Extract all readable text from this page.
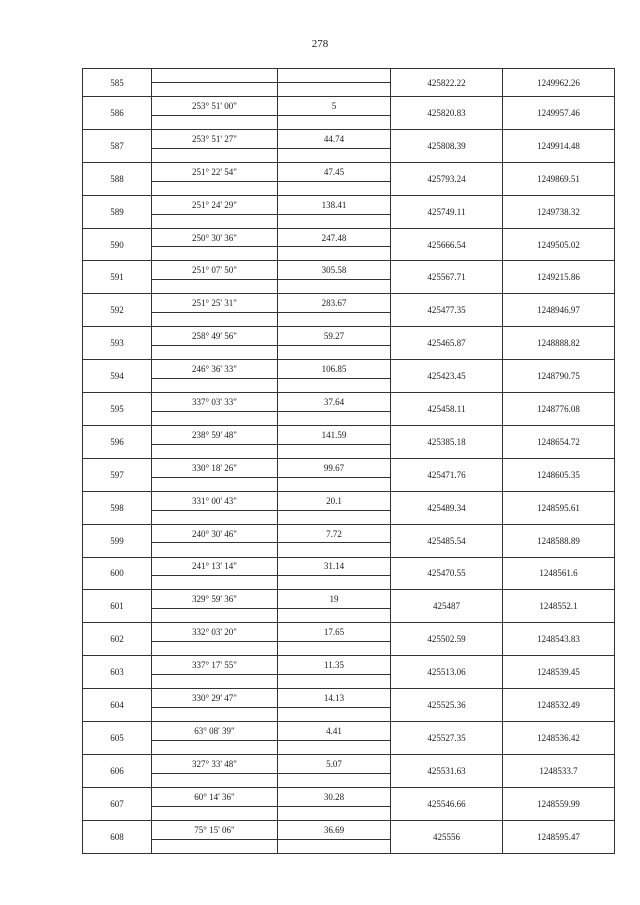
278
585			425822.22	1249962.26

586	253° 51' 00"	5	425820.83	1249957.46

587	253° 51' 27"	44.74	425808.39	1249914.48

588	251° 22' 54"	47.45	425793.24	1249869.51

589	251° 24' 29"	138.41	425749.11	1249738.32

590	250° 30' 36"	247.48	425666.54	1249505.02

591	251° 07' 50"	305.58	425567.71	1249215.86

592	251° 25' 31"	283.67	425477.35	1248946.97

593	258° 49' 56"	59.27	425465.87	1248888.82

594	246° 36' 33"	106.85	425423.45	1248790.75

595	337° 03' 33"	37.64	425458.11	1248776.08

596	238° 59' 48"	141.59	425385.18	1248654.72

597	330° 18' 26"	99.67	425471.76	1248605.35

598	331° 00' 43"	20.1	425489.34	1248595.61

599	240° 30' 46"	7.72	425485.54	1248588.89

600	241° 13' 14"	31.14	425470.55	1248561.6

601	329° 59' 36"	19	425487	1248552.1

602	332° 03' 20"	17.65	425502.59	1248543.83

603	337° 17' 55"	11.35	425513.06	1248539.45

604	330° 29' 47"	14.13	425525.36	1248532.49

605	63° 08' 39"	4.41	425527.35	1248536.42

606	327° 33' 48"	5.07	425531.63	1248533.7

607	60° 14' 36"	30.28	425546.66	1248559.99

608	75° 15' 06"	36.69	425556	1248595.47
